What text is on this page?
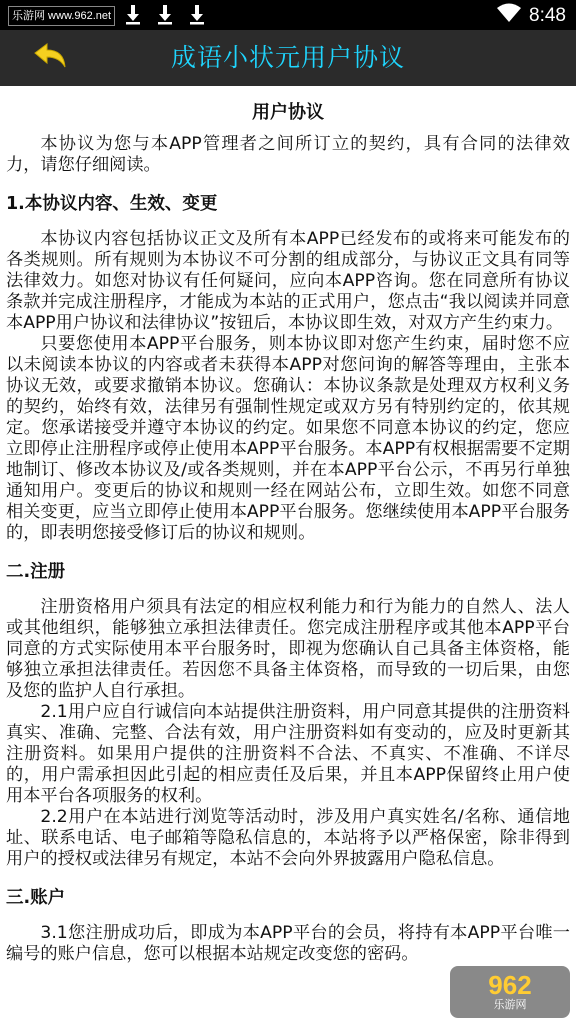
乐游网 www.962.net	8:48
成语小状元用户协议
用户协议

本协议为您与本APP管理者之间所订立的契约，具有合同的法律效力，请您仔细阅读。

1.本协议内容、生效、变更

本协议内容包括协议正文及所有本APP已经发布的或将来可能发布的各类规则。所有规则为本协议不可分割的组成部分，与协议正文具有同等法律效力。如您对协议有任何疑问，应向本APP咨询。您在同意所有协议条款并完成注册程序，才能成为本站的正式用户，您点击“我以阅读并同意本APP用户协议和法律协议”按钮后，本协议即生效，对双方产生约束力。

只要您使用本APP平台服务，则本协议即对您产生约束，届时您不应以未阅读本协议的内容或者未获得本APP对您问询的解答等理由，主张本协议无效，或要求撤销本协议。您确认：本协议条款是处理双方权利义务的契约，始终有效，法律另有强制性规定或双方另有特别约定的，依其规定。您承诺接受并遵守本协议的约定。如果您不同意本协议的约定，您应立即停止注册程序或停止使用本APP平台服务。本APP有权根据需要不定期地制订、修改本协议及/或各类规则，并在本APP平台公示，不再另行单独通知用户。变更后的协议和规则一经在网站公布，立即生效。如您不同意相关变更，应当立即停止使用本APP平台服务。您继续使用本APP平台服务的，即表明您接受修订后的协议和规则。

二.注册

注册资格用户须具有法定的相应权利能力和行为能力的自然人、法人或其他组织，能够独立承担法律责任。您完成注册程序或其他本APP平台同意的方式实际使用本平台服务时，即视为您确认自己具备主体资格，能够独立承担法律责任。若因您不具备主体资格，而导致的一切后果，由您及您的监护人自行承担。

2.1用户应自行诚信向本站提供注册资料，用户同意其提供的注册资料真实、准确、完整、合法有效，用户注册资料如有变动的，应及时更新其注册资料。如果用户提供的注册资料不合法、不真实、不准确、不详尽的，用户需承担因此引起的相应责任及后果，并且本APP保留终止用户使用本平台各项服务的权利。

2.2用户在本站进行浏览等活动时，涉及用户真实姓名/名称、通信地址、联系电话、电子邮箱等隐私信息的，本站将予以严格保密，除非得到用户的授权或法律另有规定，本站不会向外界披露用户隐私信息。

三.账户

3.1您注册成功后，即成为本APP平台的会员，将持有本APP平台唯一编号的账户信息，您可以根据本站规定改变您的密码。

962
乐游网
